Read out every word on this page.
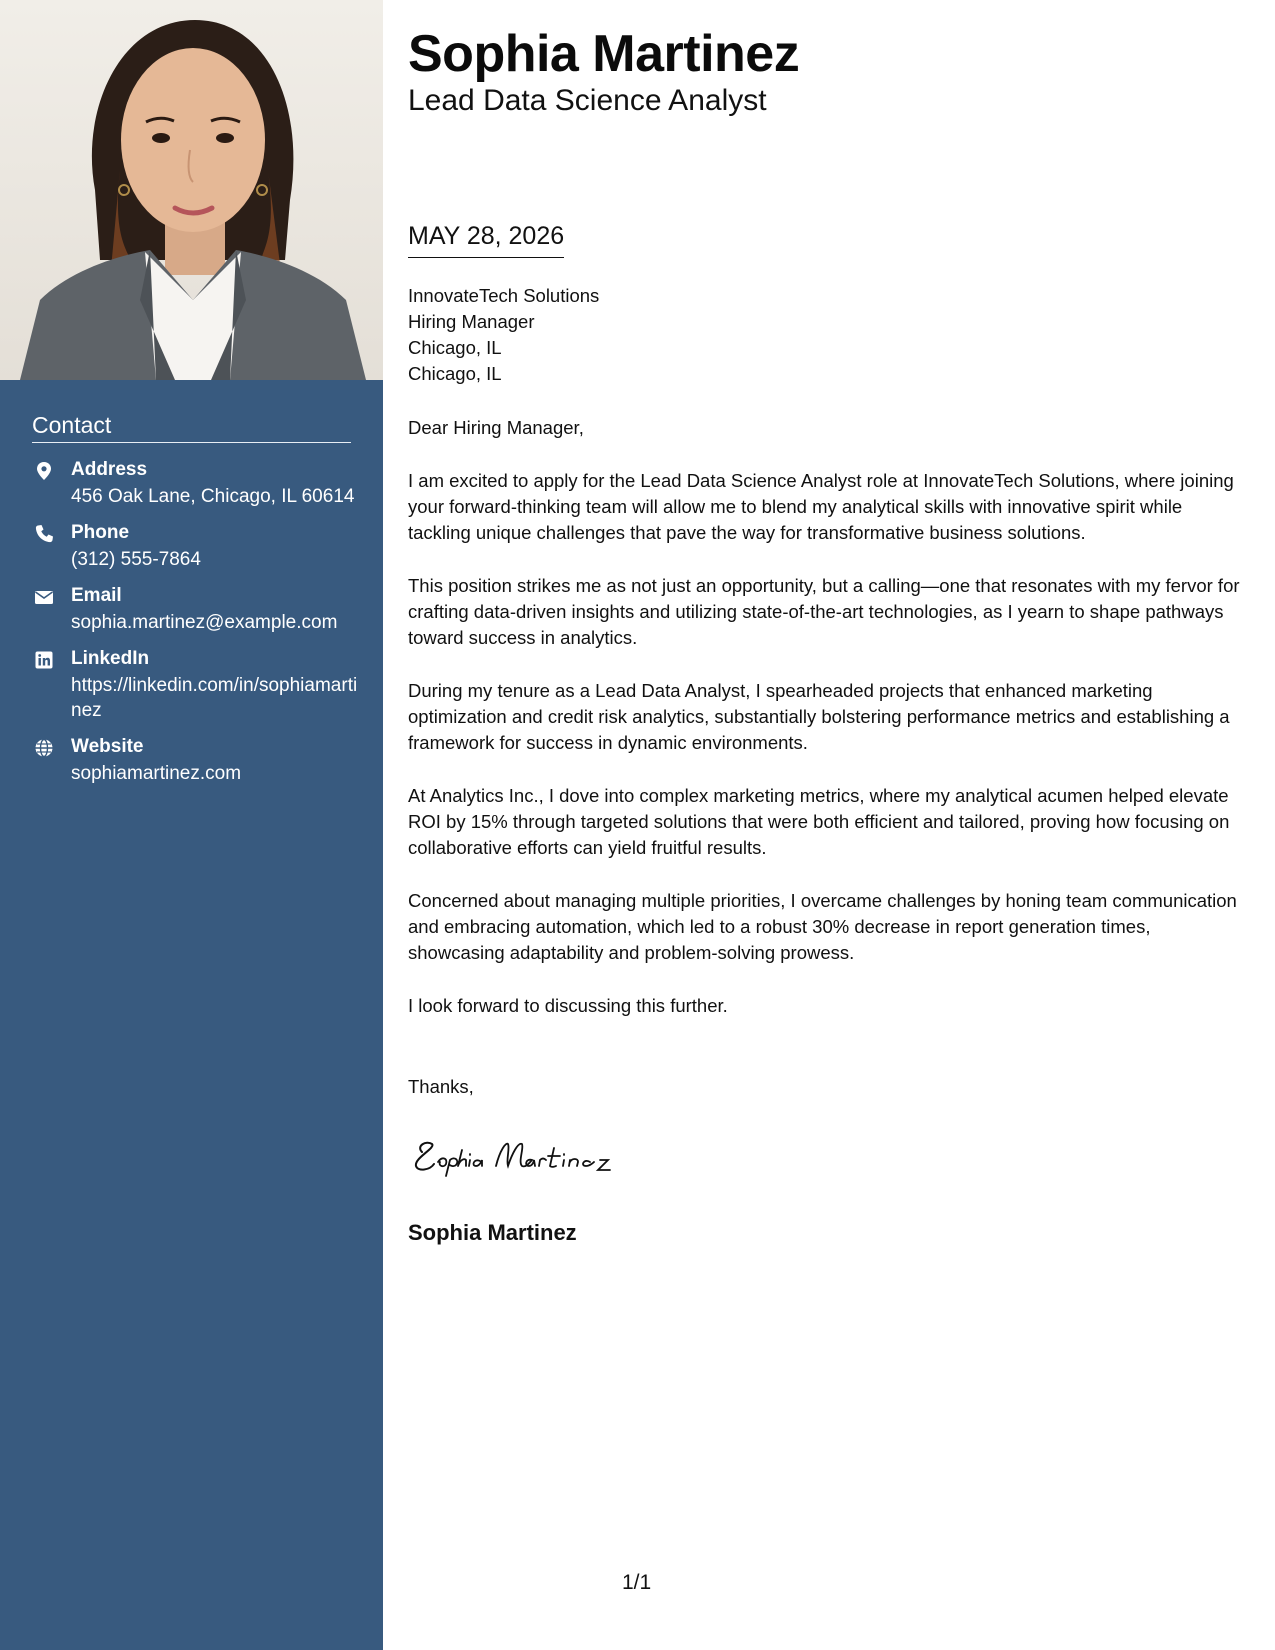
Contact
Address
456 Oak Lane, Chicago, IL 60614
Phone
(312) 555-7864
Email
sophia.martinez@example.com
LinkedIn
https://linkedin.com/in/sophiamartinez
Website
sophiamartinez.com
Sophia Martinez
Lead Data Science Analyst
MAY 28, 2026
InnovateTech Solutions
Hiring Manager
Chicago, IL
Chicago, IL
Dear Hiring Manager,

I am excited to apply for the Lead Data Science Analyst role at InnovateTech Solutions, where joining your forward-thinking team will allow me to blend my analytical skills with innovative spirit while tackling unique challenges that pave the way for transformative business solutions.

This position strikes me as not just an opportunity, but a calling—one that resonates with my fervor for crafting data-driven insights and utilizing state-of-the-art technologies, as I yearn to shape pathways toward success in analytics.

During my tenure as a Lead Data Analyst, I spearheaded projects that enhanced marketing optimization and credit risk analytics, substantially bolstering performance metrics and establishing a framework for success in dynamic environments.

At Analytics Inc., I dove into complex marketing metrics, where my analytical acumen helped elevate ROI by 15% through targeted solutions that were both efficient and tailored, proving how focusing on collaborative efforts can yield fruitful results.

Concerned about managing multiple priorities, I overcame challenges by honing team communication and embracing automation, which led to a robust 30% decrease in report generation times, showcasing adaptability and problem-solving prowess.

I look forward to discussing this further.

Thanks,
Sophia Martinez
1/1
